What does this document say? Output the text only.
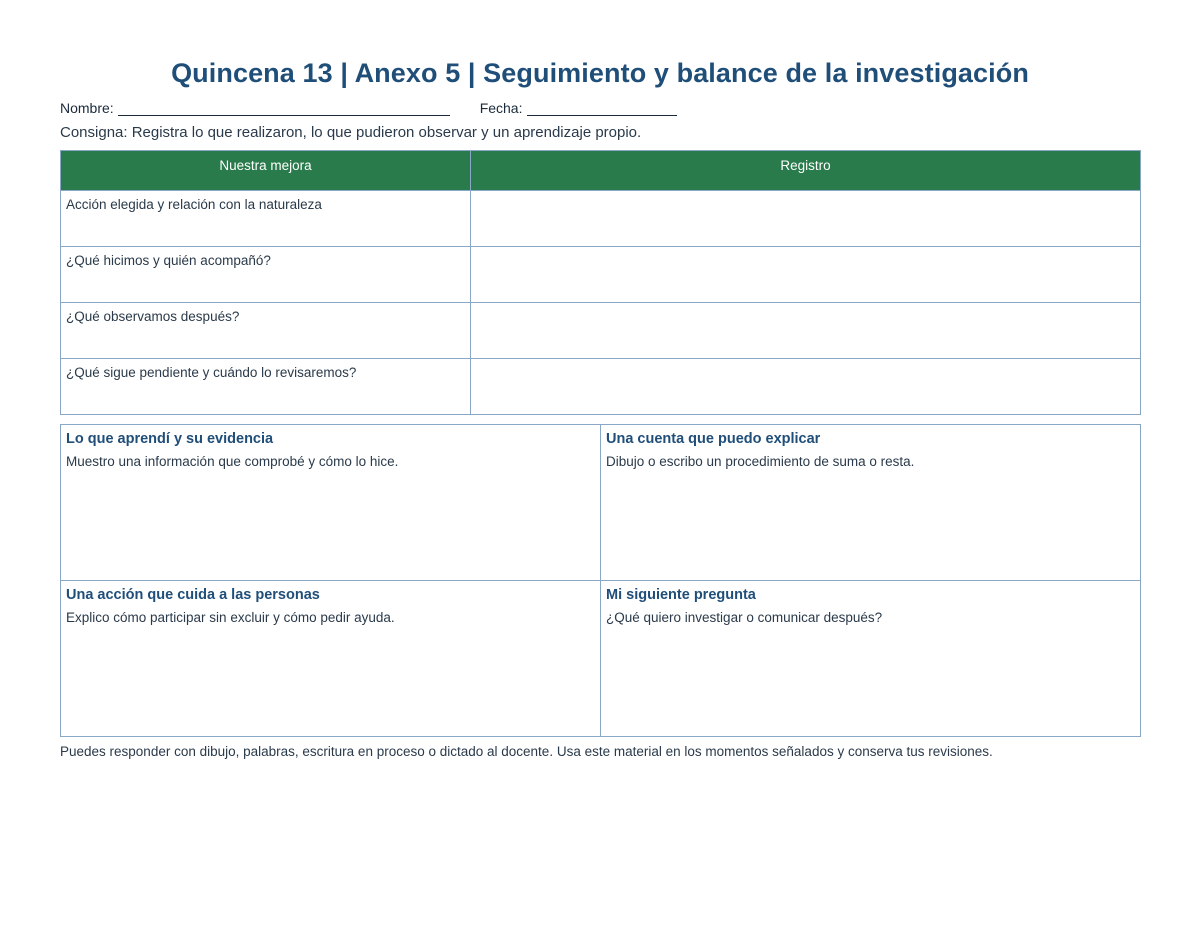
Quincena 13 | Anexo 5 | Seguimiento y balance de la investigación
Nombre:	Fecha:
Consigna: Registra lo que realizaron, lo que pudieron observar y un aprendizaje propio.
Nuestra mejora	Registro
Acción elegida y relación con la naturaleza	
¿Qué hicimos y quién acompañó?	
¿Qué observamos después?	
¿Qué sigue pendiente y cuándo lo revisaremos?	
Lo que aprendí y su evidencia
Muestro una información que comprobé y cómo lo hice.
Una cuenta que puedo explicar
Dibujo o escribo un procedimiento de suma o resta.
Una acción que cuida a las personas
Explico cómo participar sin excluir y cómo pedir ayuda.
Mi siguiente pregunta
¿Qué quiero investigar o comunicar después?
Puedes responder con dibujo, palabras, escritura en proceso o dictado al docente. Usa este material en los momentos señalados y conserva tus revisiones.
